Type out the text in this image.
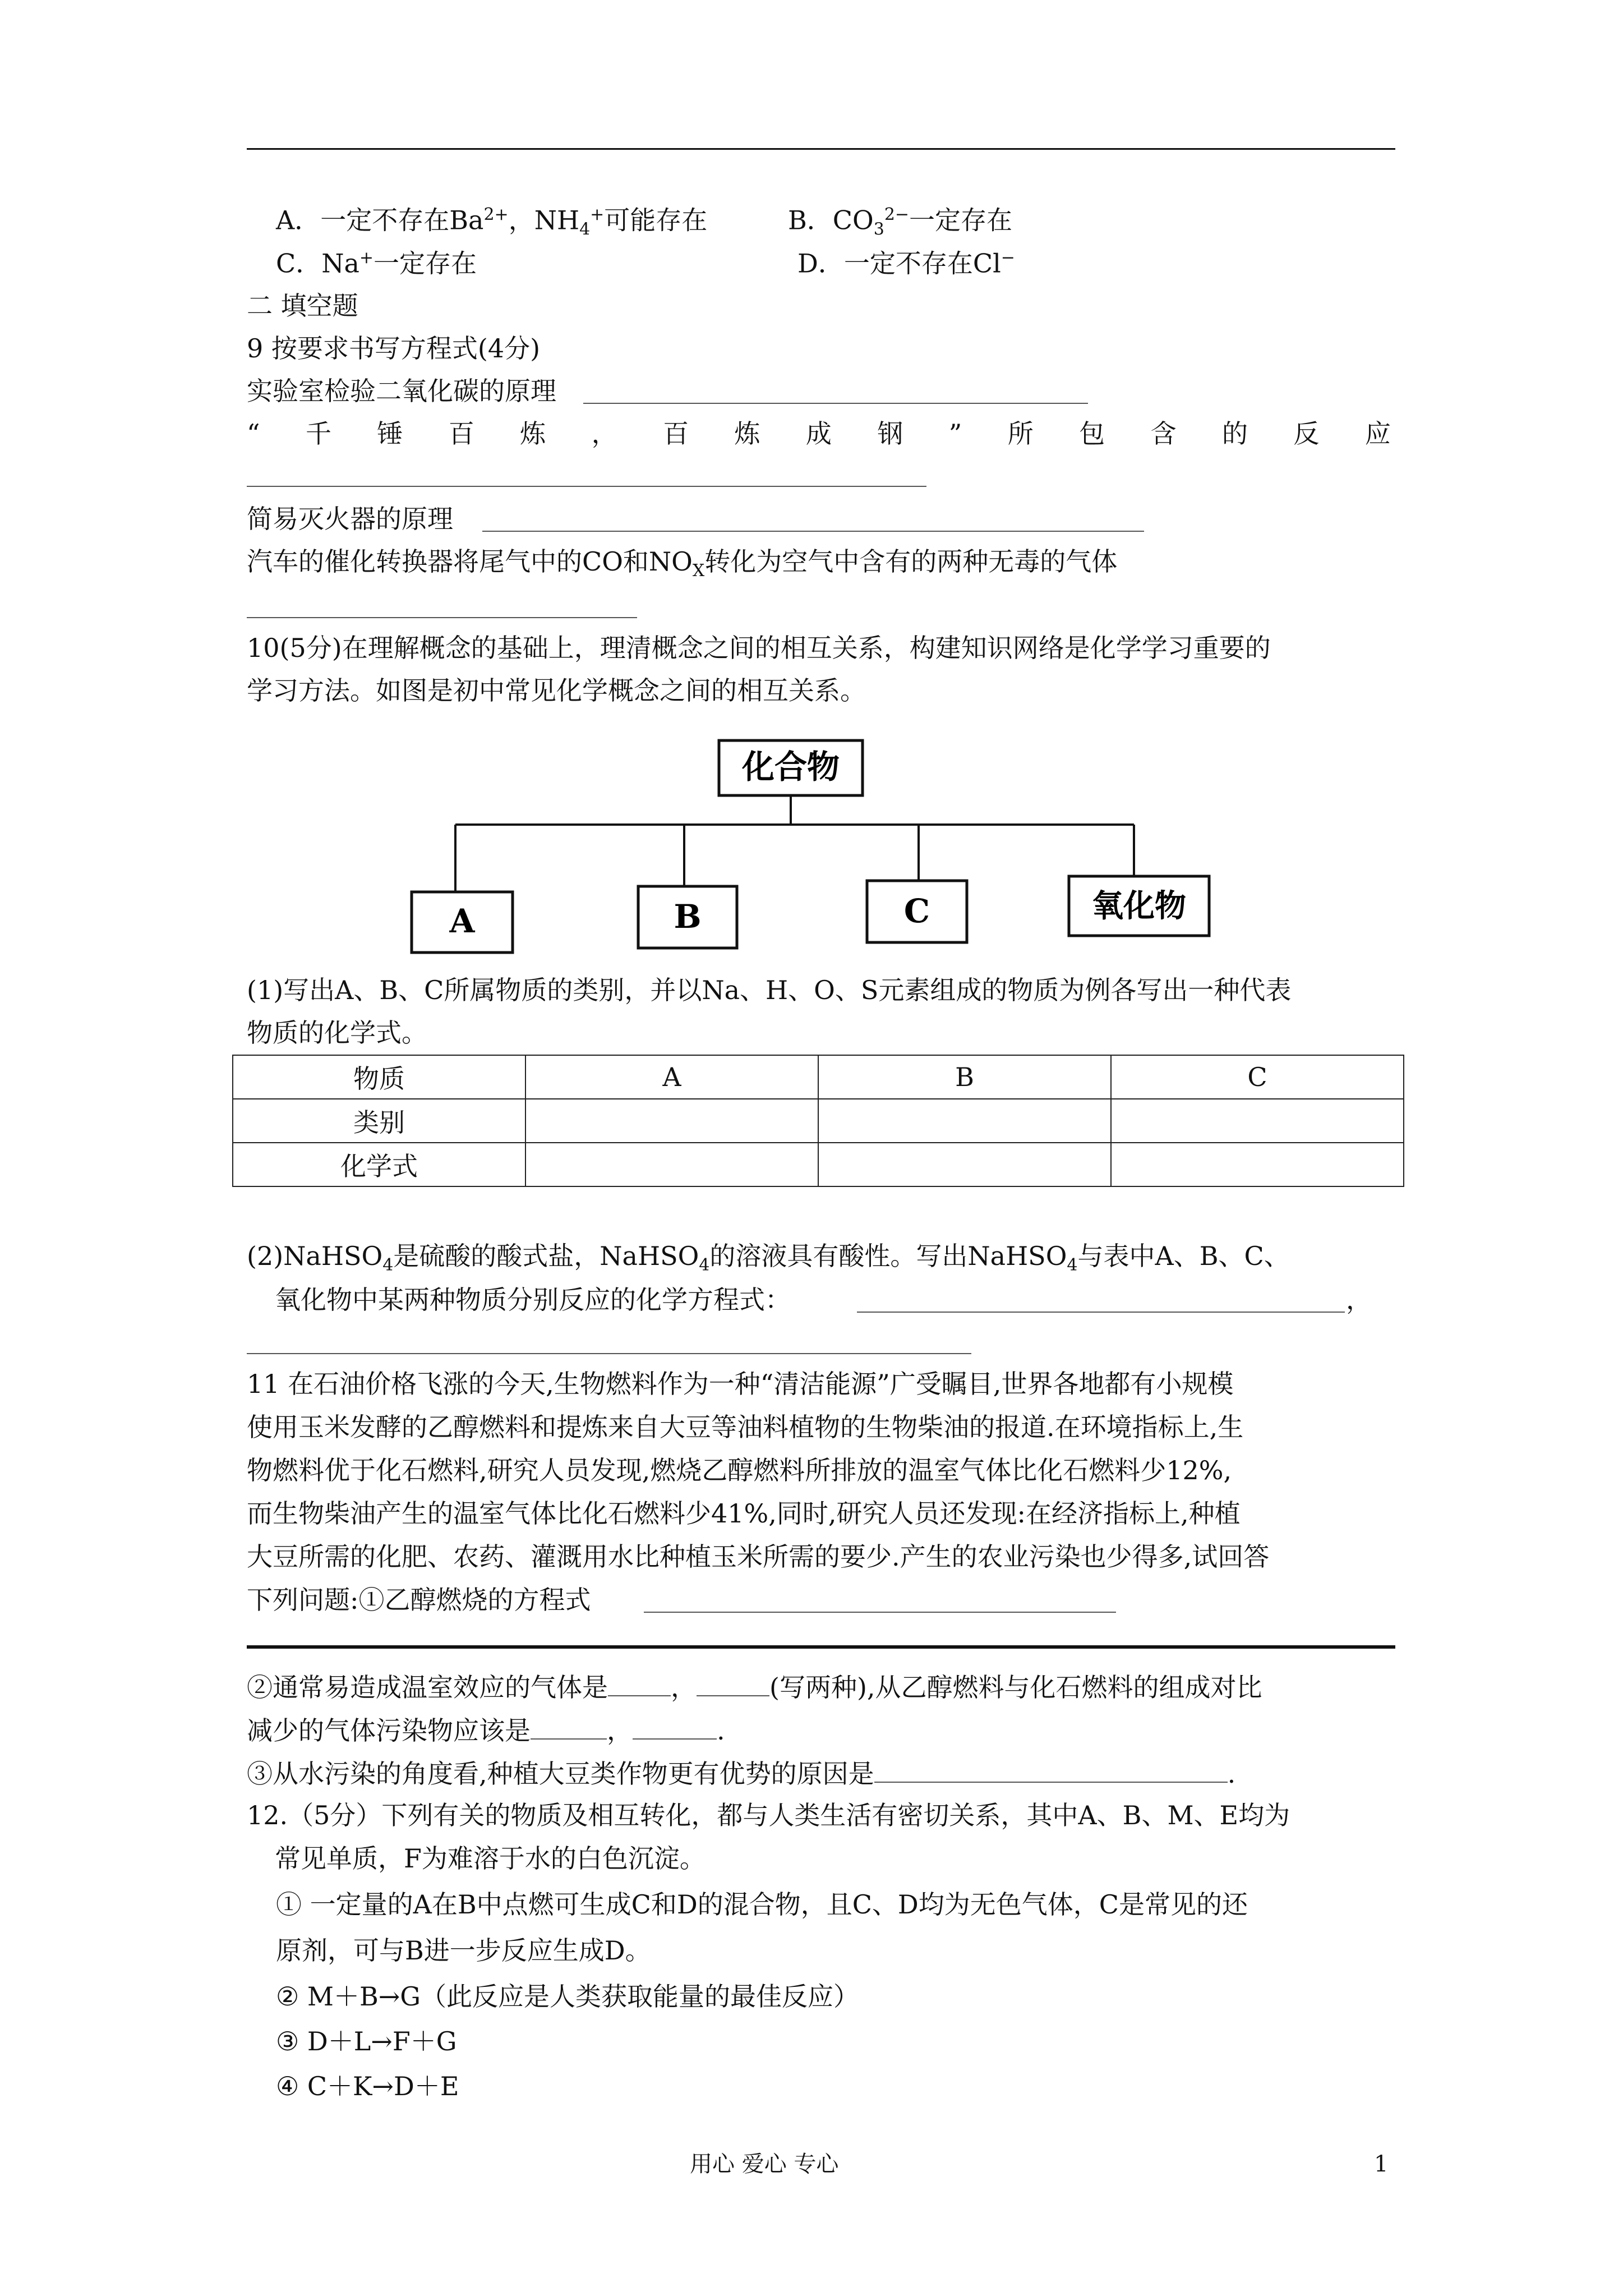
A．一定不存在$Ba^{2+}$，$NH_4^+$可能存在	B．$CO_3^{2-}$一定存在
C．Na+一定存在	D．一定不存在Cl−
二 填空题
9 按要求书写方程式(4分)
实验室检验二氧化碳的原理
“ 千 锤 百 炼 ， 百 炼 成 钢 ” 所 包 含 的 反 应
简易灭火器的原理
汽车的催化转换器将尾气中的CO和$NO_X$转化为空气中含有的两种无毒的气体
10(5分)在理解概念的基础上，理清概念之间的相互关系，构建知识网络是化学学习重要的
学习方法。如图是初中常见化学概念之间的相互关系。
化合物
A	B	C	氧化物
(1)写出A、B、C所属物质的类别，并以Na、H、O、S元素组成的物质为例各写出一种代表
物质的化学式。
物质	A	B	C
类别			
化学式			
(2)NaHSO$_4$是硫酸的酸式盐，NaHSO$_4$的溶液具有酸性。写出NaHSO$_4$与表中A、B、C、
氧化物中某两种物质分别反应的化学方程式：	，
11 在石油价格飞涨的今天,生物燃料作为一种“清洁能源”广受瞩目,世界各地都有小规模
使用玉米发酵的乙醇燃料和提炼来自大豆等油料植物的生物柴油的报道.在环境指标上,生
物燃料优于化石燃料,研究人员发现,燃烧乙醇燃料所排放的温室气体比化石燃料少12%,
而生物柴油产生的温室气体比化石燃料少41%,同时,研究人员还发现:在经济指标上,种植
大豆所需的化肥、农药、灌溉用水比种植玉米所需的要少.产生的农业污染也少得多,试回答
下列问题:①乙醇燃烧的方程式
②通常易造成温室效应的气体是 ，	(写两种),从乙醇燃料与化石燃料的组成对比
减少的气体污染物应该是	，	.
③从水污染的角度看,种植大豆类作物更有优势的原因是	.
12.（5分）下列有关的物质及相互转化，都与人类生活有密切关系，其中A、B、M、E均为
常见单质，F为难溶于水的白色沉淀。
① 一定量的A在B中点燃可生成C和D的混合物，且C、D均为无色气体，C是常见的还
原剂，可与B进一步反应生成D。
② M＋B→G（此反应是人类获取能量的最佳反应）
③ D＋L→F＋G
④ C＋K→D＋E
用心 爱心 专心	1
